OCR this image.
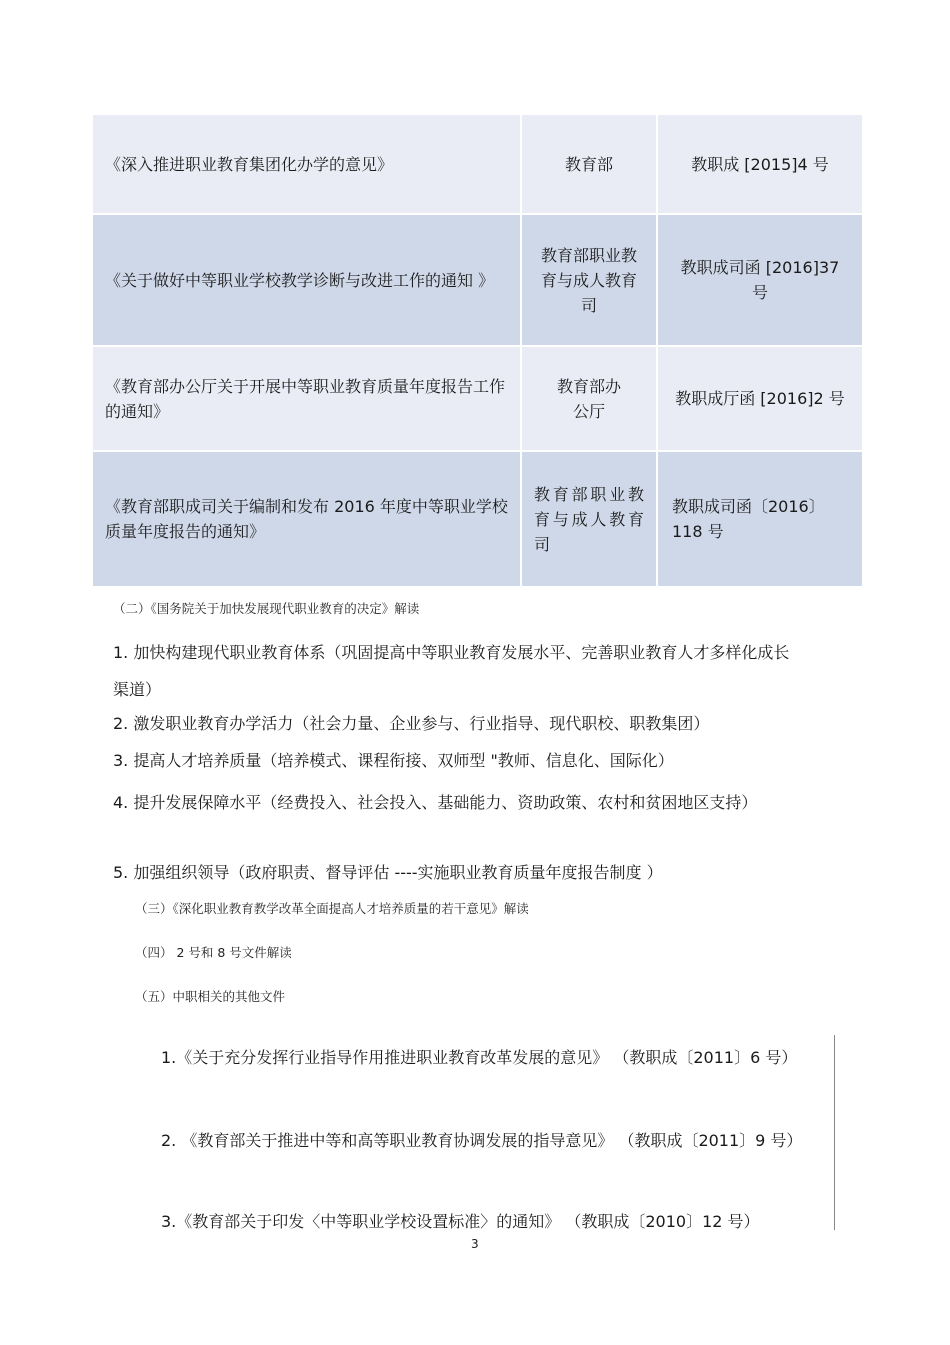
《深入推进职业教育集团化办学的意见》	教育部	教职成 [2015]4 号
《关于做好中等职业学校教学诊断与改进工作的通知 》	教育部职业教育与成人教育司	教职成司函 [2016]37 号
《教育部办公厅关于开展中等职业教育质量年度报告工作的通知》	教育部办公厅	教职成厅函 [2016]2 号
《教育部职成司关于编制和发布 2016 年度中等职业学校质量年度报告的通知》	教育部职业教育与成人教育司	教职成司函〔2016〕118 号
（二）《国务院关于加快发展现代职业教育的决定》解读
1. 加快构建现代职业教育体系（巩固提高中等职业教育发展水平、完善职业教育人才多样化成长渠道）
2. 激发职业教育办学活力（社会力量、企业参与、行业指导、现代职校、职教集团）
3. 提高人才培养质量（培养模式、课程衔接、双师型 "教师、信息化、国际化）
4. 提升发展保障水平（经费投入、社会投入、基础能力、资助政策、农村和贫困地区支持）
5. 加强组织领导（政府职责、督导评估 ----实施职业教育质量年度报告制度 ）
（三）《深化职业教育教学改革全面提高人才培养质量的若干意见》解读
（四） 2 号和 8 号文件解读
（五）中职相关的其他文件
1.《关于充分发挥行业指导作用推进职业教育改革发展的意见》 （教职成〔2011〕6 号）
2. 《教育部关于推进中等和高等职业教育协调发展的指导意见》 （教职成〔2011〕9 号）
3.《教育部关于印发〈中等职业学校设置标准〉的通知》 （教职成〔2010〕12 号）
3
